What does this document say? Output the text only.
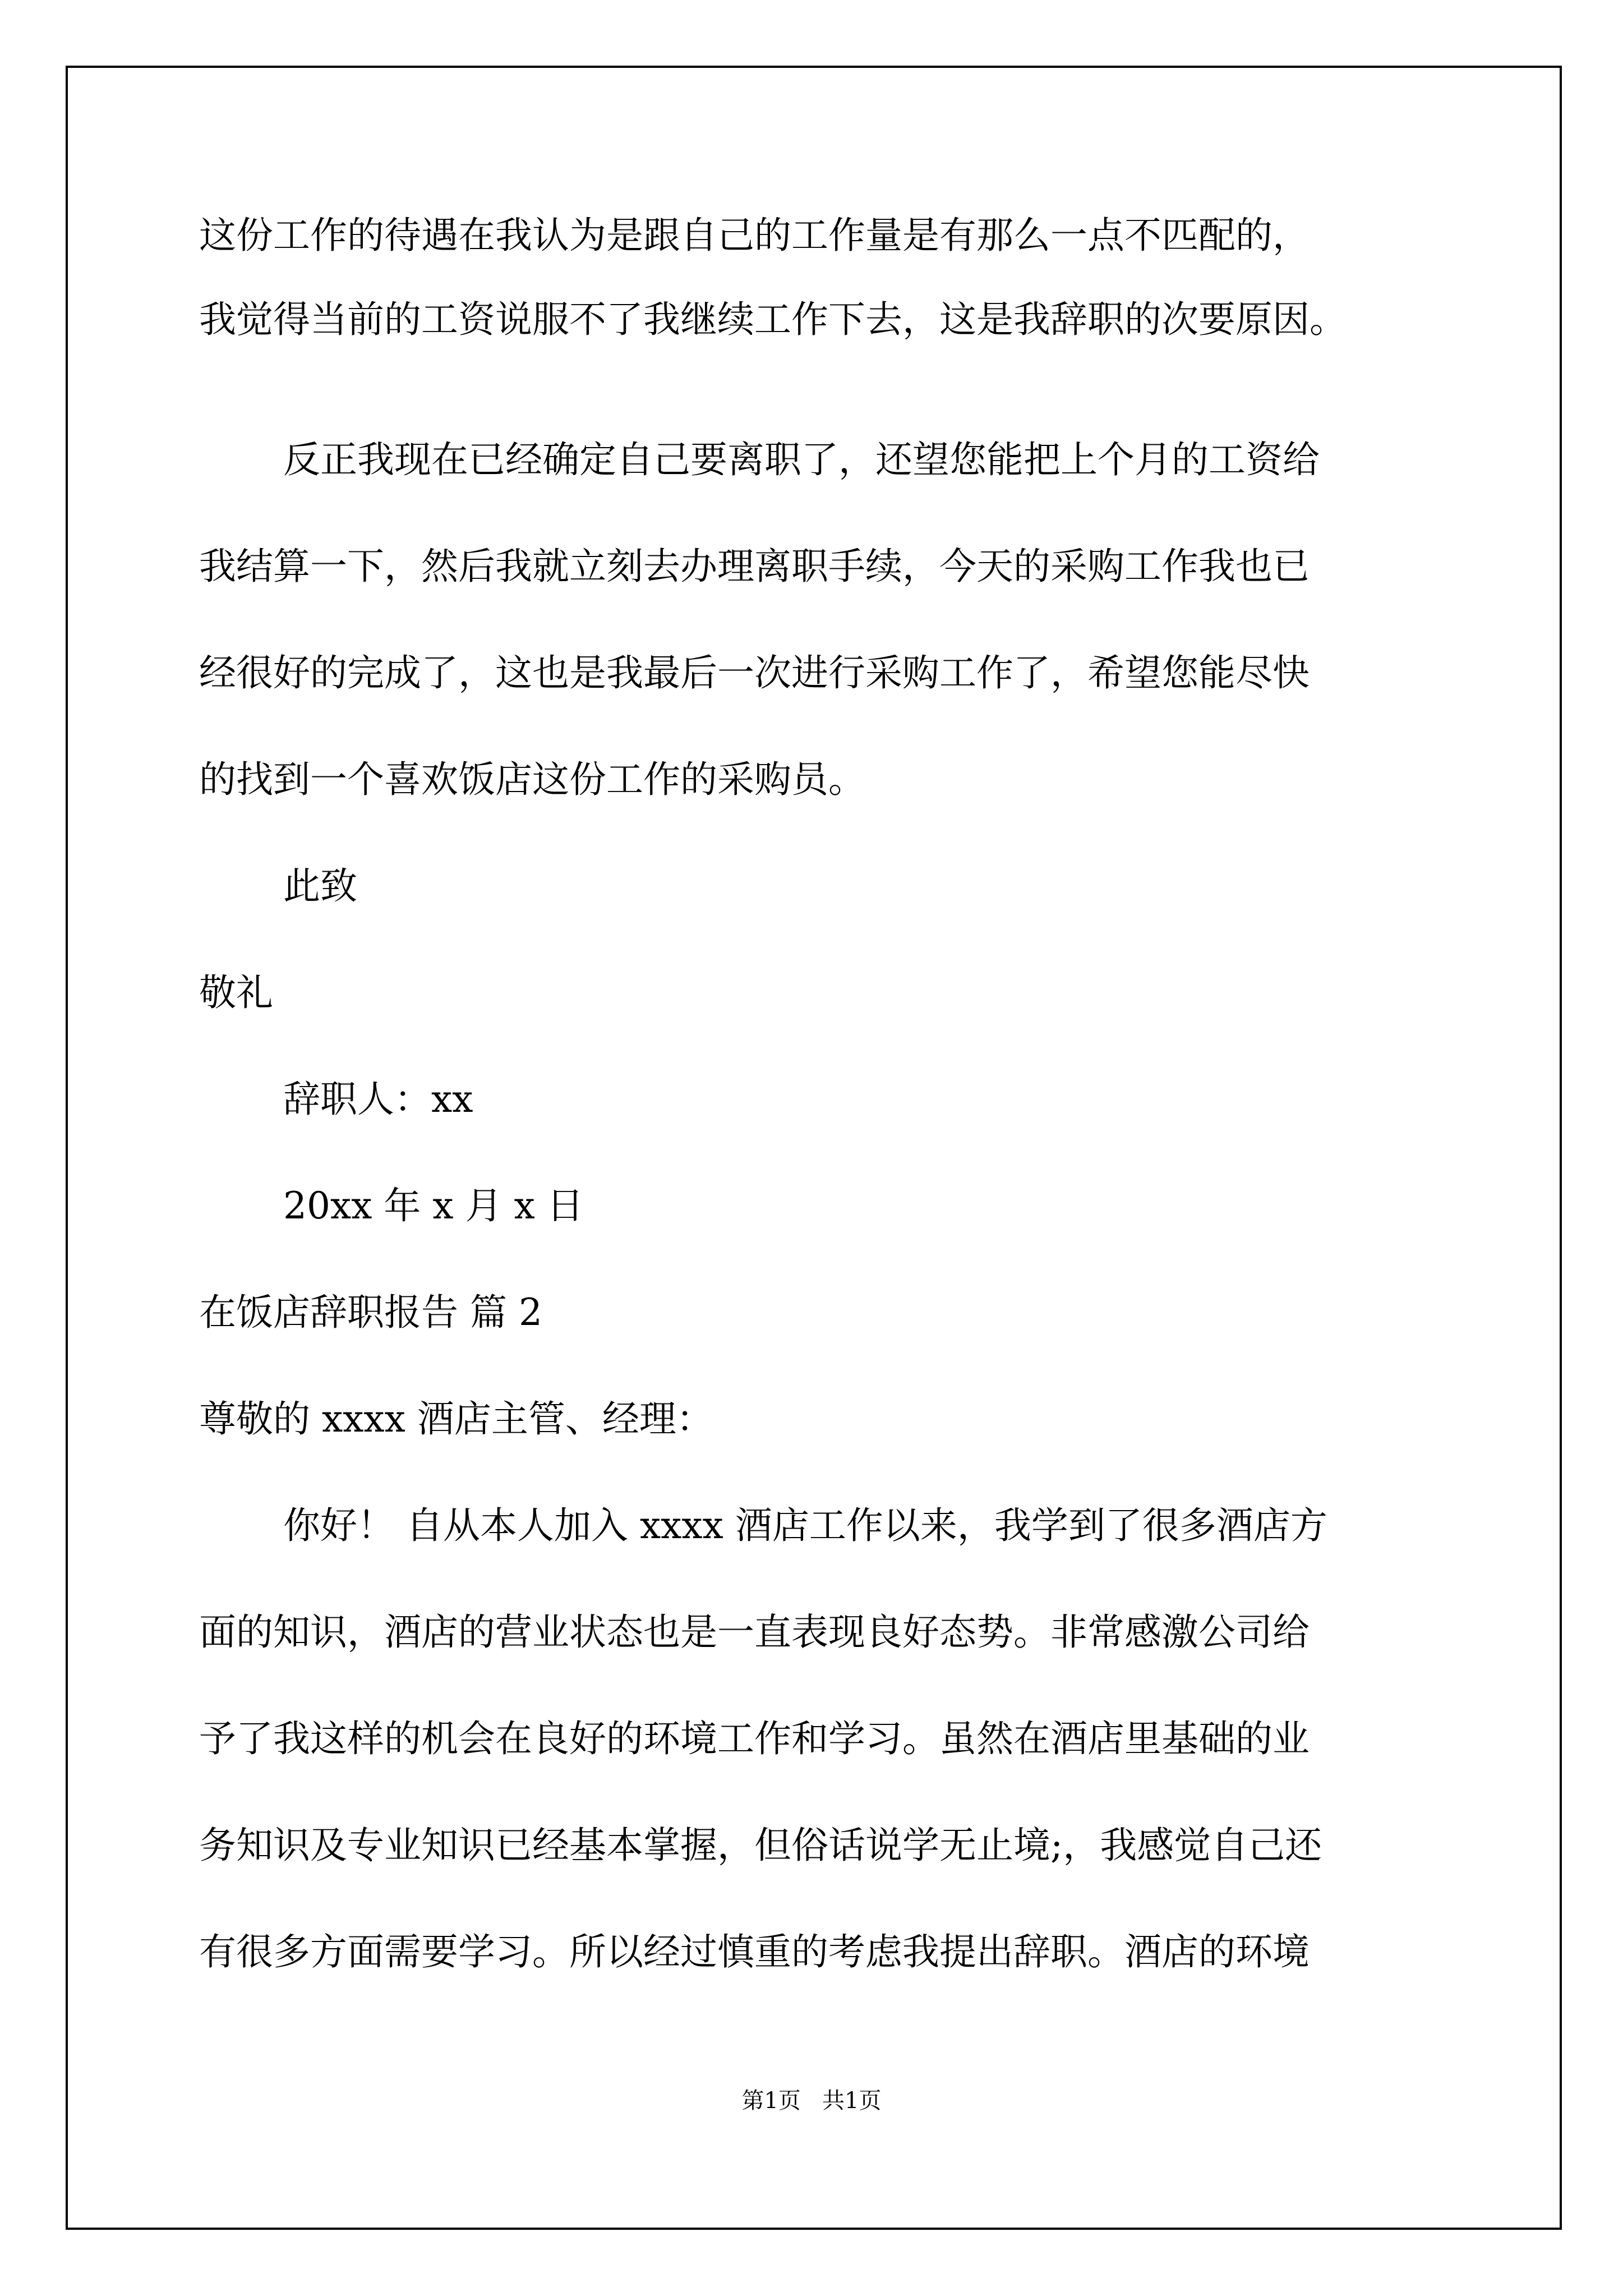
这份工作的待遇在我认为是跟自己的工作量是有那么一点不匹配的，
我觉得当前的工资说服不了我继续工作下去，这是我辞职的次要原因。
反正我现在已经确定自己要离职了，还望您能把上个月的工资给
我结算一下，然后我就立刻去办理离职手续，今天的采购工作我也已
经很好的完成了，这也是我最后一次进行采购工作了，希望您能尽快
的找到一个喜欢饭店这份工作的采购员。
此致
敬礼
辞职人：xx
20xx 年 x 月 x 日
在饭店辞职报告 篇 2
尊敬的 xxxx 酒店主管、经理：
你好！ 自从本人加入 xxxx 酒店工作以来，我学到了很多酒店方
面的知识，酒店的营业状态也是一直表现良好态势。非常感激公司给
予了我这样的机会在良好的环境工作和学习。虽然在酒店里基础的业
务知识及专业知识已经基本掌握，但俗话说学无止境;，我感觉自己还
有很多方面需要学习。所以经过慎重的考虑我提出辞职。酒店的环境
第1页   共1页
